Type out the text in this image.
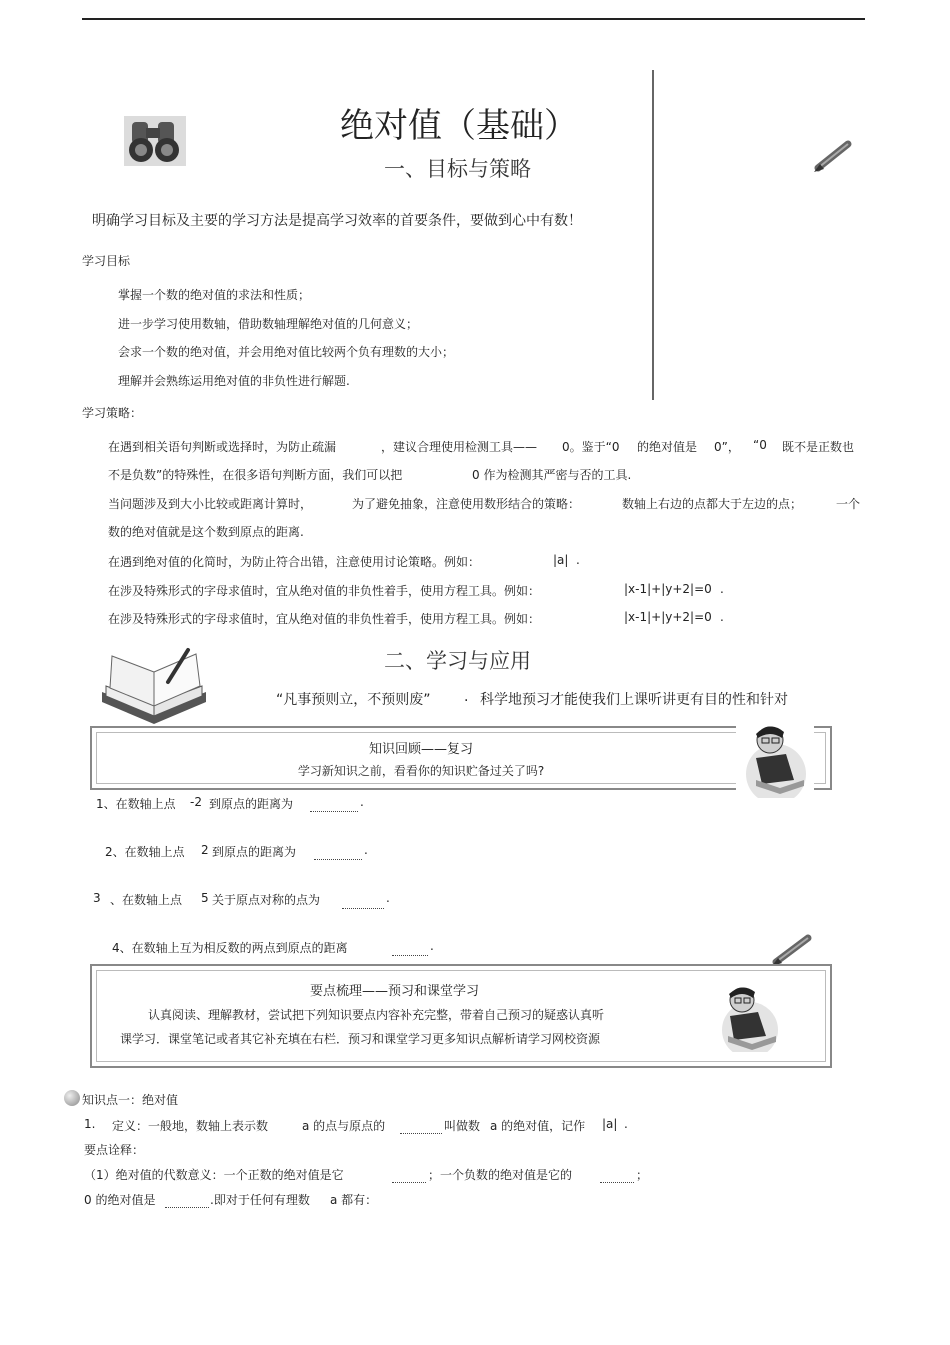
绝对值（基础）
一、目标与策略
明确学习目标及主要的学习方法是提高学习效率的首要条件，要做到心中有数！
学习目标
掌握一个数的绝对值的求法和性质；
进一步学习使用数轴，借助数轴理解绝对值的几何意义；
会求一个数的绝对值，并会用绝对值比较两个负有理数的大小；
理解并会熟练运用绝对值的非负性进行解题.
学习策略：
在遇到相关语句判断或选择时，为防止疏漏	，建议合理使用检测工具—— 0。鉴于“0 的绝对值是 0”， “0 既不是正数也
不是负数”的特殊性，在很多语句判断方面，我们可以把	0 作为检测其严密与否的工具.
当问题涉及到大小比较或距离计算时，	为了避免抽象，注意使用数形结合的策略：	数轴上右边的点都大于左边的点；	一个
数的绝对值就是这个数到原点的距离.
在遇到绝对值的化简时，为防止符合出错，注意使用讨论策略。例如：	|a| .
在涉及特殊形式的字母求值时，宜从绝对值的非负性着手，使用方程工具。例如：	|x-1|+|y+2|=0 .
在涉及特殊形式的字母求值时，宜从绝对值的非负性着手，使用方程工具。例如：	|x-1|+|y+2|=0 .
二、学习与应用
“凡事预则立，不预则废” . 科学地预习才能使我们上课听讲更有目的性和针对
知识回顾——复习
学习新知识之前，看看你的知识贮备过关了吗?
1、在数轴上点 -2 到原点的距离为	.
2、在数轴上点 2 到原点的距离为	.
3 、在数轴上点 5 关于原点对称的点为	.
4、在数轴上互为相反数的两点到原点的距离	.
要点梳理——预习和课堂学习
认真阅读、理解教材，尝试把下列知识要点内容补充完整，带着自己预习的疑惑认真听
课学习．课堂笔记或者其它补充填在右栏．预习和课堂学习更多知识点解析请学习网校资源
知识点一：绝对值
1. 定义：一般地，数轴上表示数	a 的点与原点的	叫做数 a 的绝对值，记作 |a| .
要点诠释：
（1）绝对值的代数意义：一个正数的绝对值是它	；一个负数的绝对值是它的	；
0 的绝对值是	.即对于任何有理数 a 都有：
